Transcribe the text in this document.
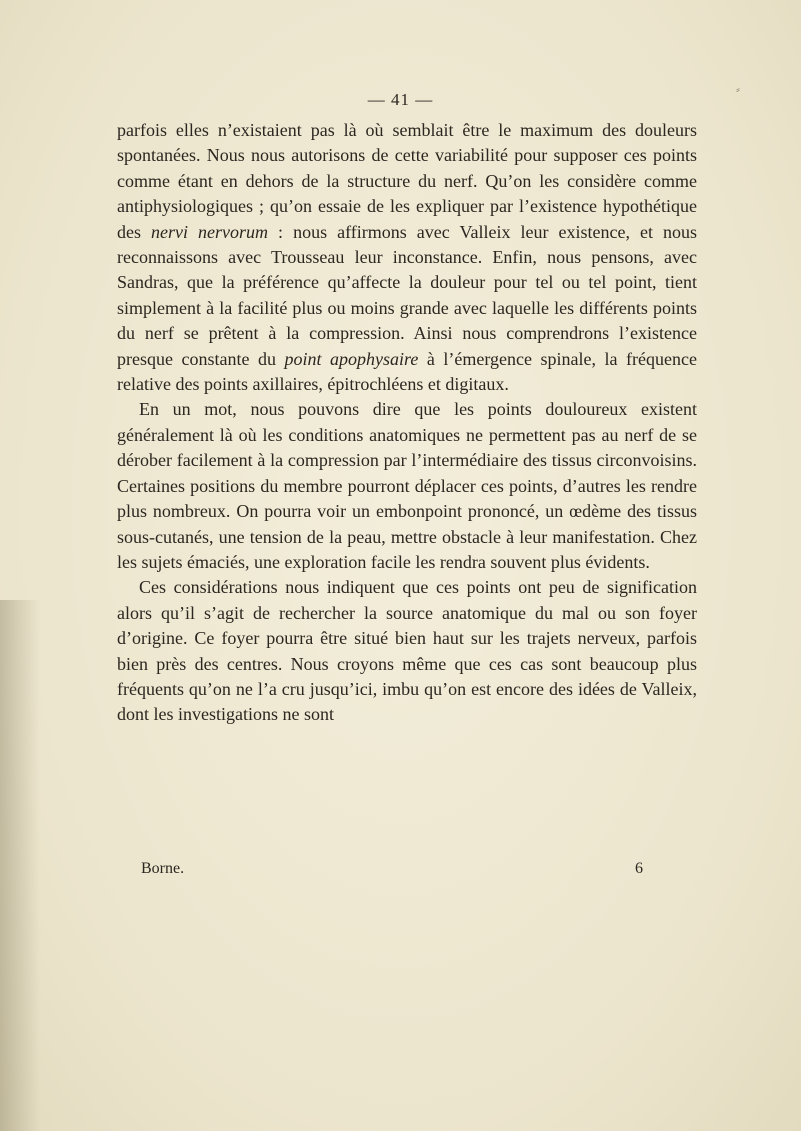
— 41 —

parfois elles n’existaient pas là où semblait être le maximum des douleurs spontanées. Nous nous autorisons de cette variabilité pour supposer ces points comme étant en dehors de la structure du nerf. Qu’on les considère comme antiphysiologiques ; qu’on essaie de les expliquer par l’existence hypothétique des nervi nervorum : nous affirmons avec Valleix leur existence, et nous reconnaissons avec Trousseau leur inconstance. Enfin, nous pensons, avec Sandras, que la préférence qu’affecte la douleur pour tel ou tel point, tient simplement à la facilité plus ou moins grande avec laquelle les différents points du nerf se prêtent à la compression. Ainsi nous comprendrons l’existence presque constante du point apophysaire à l’émergence spinale, la fréquence relative des points axillaires, épitrochléens et digitaux.

En un mot, nous pouvons dire que les points douloureux existent généralement là où les conditions anatomiques ne permettent pas au nerf de se dérober facilement à la compression par l’intermédiaire des tissus circonvoisins. Certaines positions du membre pourront déplacer ces points, d’autres les rendre plus nombreux. On pourra voir un embonpoint prononcé, un œdème des tissus sous-cutanés, une tension de la peau, mettre obstacle à leur manifestation. Chez les sujets émaciés, une exploration facile les rendra souvent plus évidents.

Ces considérations nous indiquent que ces points ont peu de signification alors qu’il s’agit de rechercher la source anatomique du mal ou son foyer d’origine. Ce foyer pourra être situé bien haut sur les trajets nerveux, parfois bien près des centres. Nous croyons même que ces cas sont beaucoup plus fréquents qu’on ne l’a cru jusqu’ici, imbu qu’on est encore des idées de Valleix, dont les investigations ne sont

Borne.	6
⸗
